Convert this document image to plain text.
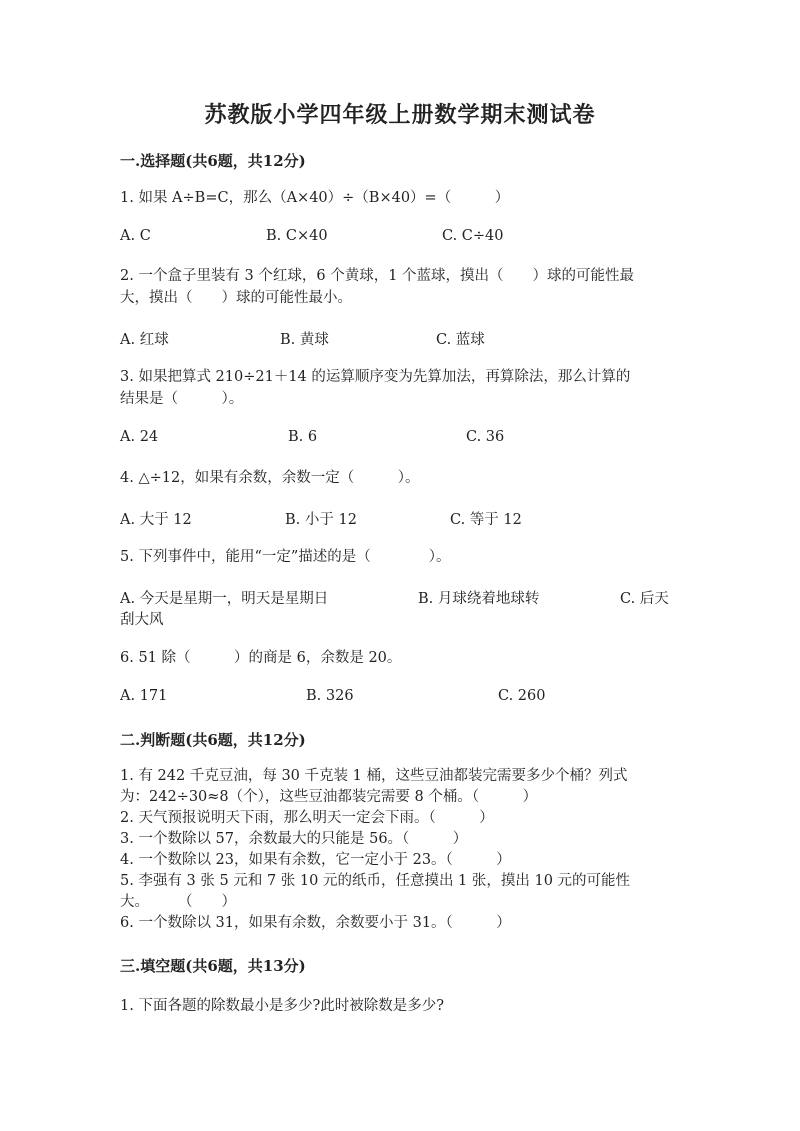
苏教版小学四年级上册数学期末测试卷
一.选择题(共6题，共12分)
1. 如果 A÷B=C，那么（A×40）÷（B×40）=（　　　）
A. C	B. C×40	C. C÷40
2. 一个盒子里装有 3 个红球，6 个黄球，1 个蓝球，摸出（　　）球的可能性最
大，摸出（　　）球的可能性最小。
A. 红球	B. 黄球	C. 蓝球
3. 如果把算式 210÷21＋14 的运算顺序变为先算加法，再算除法，那么计算的
结果是（　　　）。
A. 24	B. 6	C. 36
4. △÷12，如果有余数，余数一定（　　　）。
A. 大于 12	B. 小于 12	C. 等于 12
5. 下列事件中，能用“一定”描述的是（　　　　）。
A. 今天是星期一，明天是星期日	B. 月球绕着地球转	C. 后天
刮大风
6. 51 除（　　　）的商是 6，余数是 20。
A. 171	B. 326	C. 260
二.判断题(共6题，共12分)
1. 有 242 千克豆油，每 30 千克装 1 桶，这些豆油都装完需要多少个桶？列式
为：242÷30≈8（个），这些豆油都装完需要 8 个桶。（　　　）
2. 天气预报说明天下雨，那么明天一定会下雨。（　　　）
3. 一个数除以 57，余数最大的只能是 56。（　　　）
4. 一个数除以 23，如果有余数，它一定小于 23。（　　　）
5. 李强有 3 张 5 元和 7 张 10 元的纸币，任意摸出 1 张，摸出 10 元的可能性
大。　　　（　　）
6. 一个数除以 31，如果有余数，余数要小于 31。（　　　）
三.填空题(共6题，共13分)
1. 下面各题的除数最小是多少?此时被除数是多少?
